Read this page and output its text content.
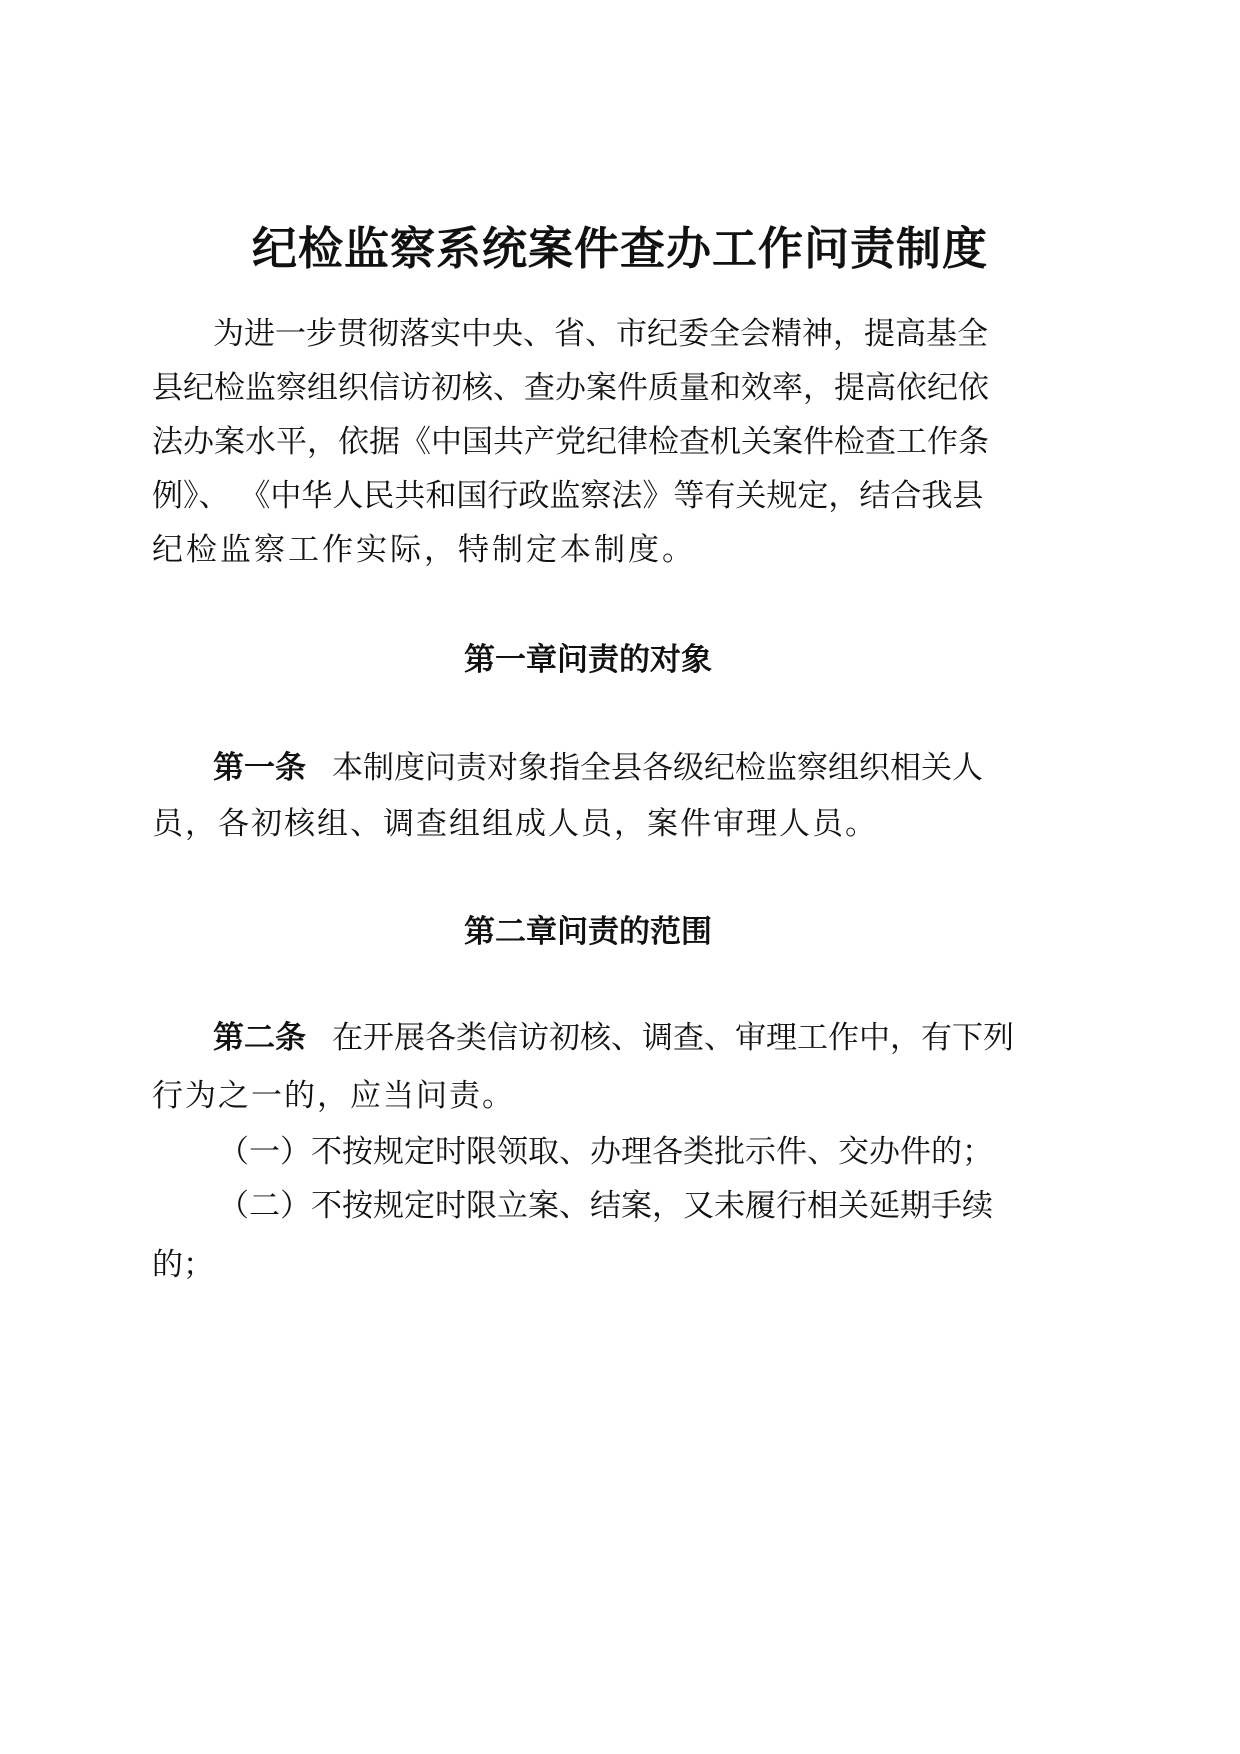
纪检监察系统案件查办工作问责制度
为进一步贯彻落实中央、省、市纪委全会精神，提高基全
县纪检监察组织信访初核、查办案件质量和效率，提高依纪依
法办案水平，依据《中国共产党纪律检查机关案件检查工作条
例》、 《中华人民共和国行政监察法》等有关规定，结合我县
纪检监察工作实际，特制定本制度。
第一章问责的对象
第一条 本制度问责对象指全县各级纪检监察组织相关人
员，各初核组、调查组组成人员，案件审理人员。
第二章问责的范围
第二条 在开展各类信访初核、调查、审理工作中，有下列
行为之一的，应当问责。
（一）不按规定时限领取、办理各类批示件、交办件的；
（二）不按规定时限立案、结案，又未履行相关延期手续
的；
